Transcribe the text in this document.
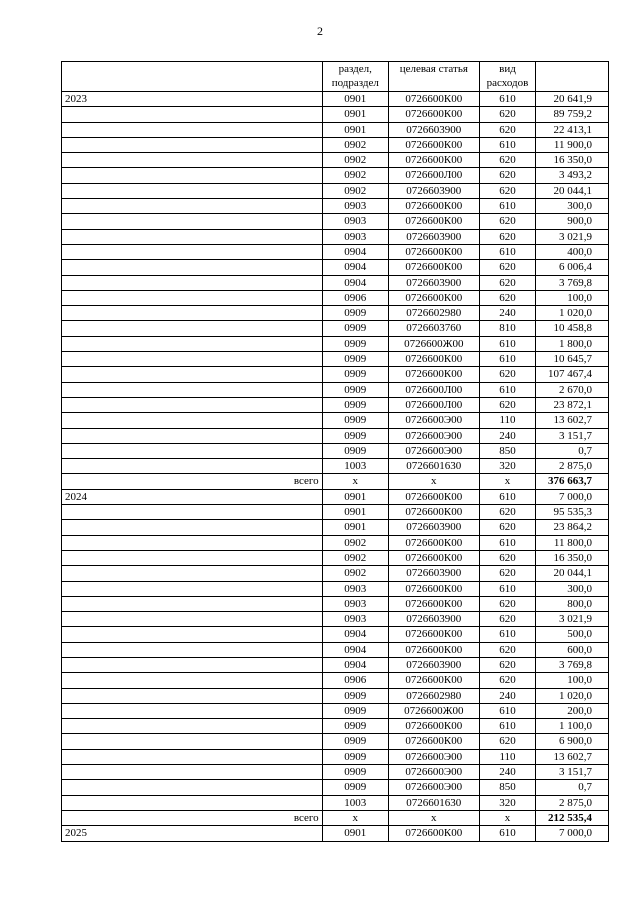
2
	раздел, подраздел	целевая статья	вид расходов	
2023	0901	0726600К00	610	20 641,9
	0901	0726600К00	620	89 759,2
	0901	0726603900	620	22 413,1
	0902	0726600К00	610	11 900,0
	0902	0726600К00	620	16 350,0
	0902	0726600Л00	620	3 493,2
	0902	0726603900	620	20 044,1
	0903	0726600К00	610	300,0
	0903	0726600К00	620	900,0
	0903	0726603900	620	3 021,9
	0904	0726600К00	610	400,0
	0904	0726600К00	620	6 006,4
	0904	0726603900	620	3 769,8
	0906	0726600К00	620	100,0
	0909	0726602980	240	1 020,0
	0909	0726603760	810	10 458,8
	0909	0726600Ж00	610	1 800,0
	0909	0726600К00	610	10 645,7
	0909	0726600К00	620	107 467,4
	0909	0726600Л00	610	2 670,0
	0909	0726600Л00	620	23 872,1
	0909	0726600Э00	110	13 602,7
	0909	0726600Э00	240	3 151,7
	0909	0726600Э00	850	0,7
	1003	0726601630	320	2 875,0
всего	х	х	х	376 663,7
2024	0901	0726600К00	610	7 000,0
	0901	0726600К00	620	95 535,3
	0901	0726603900	620	23 864,2
	0902	0726600К00	610	11 800,0
	0902	0726600К00	620	16 350,0
	0902	0726603900	620	20 044,1
	0903	0726600К00	610	300,0
	0903	0726600К00	620	800,0
	0903	0726603900	620	3 021,9
	0904	0726600К00	610	500,0
	0904	0726600К00	620	600,0
	0904	0726603900	620	3 769,8
	0906	0726600К00	620	100,0
	0909	0726602980	240	1 020,0
	0909	0726600Ж00	610	200,0
	0909	0726600К00	610	1 100,0
	0909	0726600К00	620	6 900,0
	0909	0726600Э00	110	13 602,7
	0909	0726600Э00	240	3 151,7
	0909	0726600Э00	850	0,7
	1003	0726601630	320	2 875,0
всего	х	х	х	212 535,4
2025	0901	0726600К00	610	7 000,0
